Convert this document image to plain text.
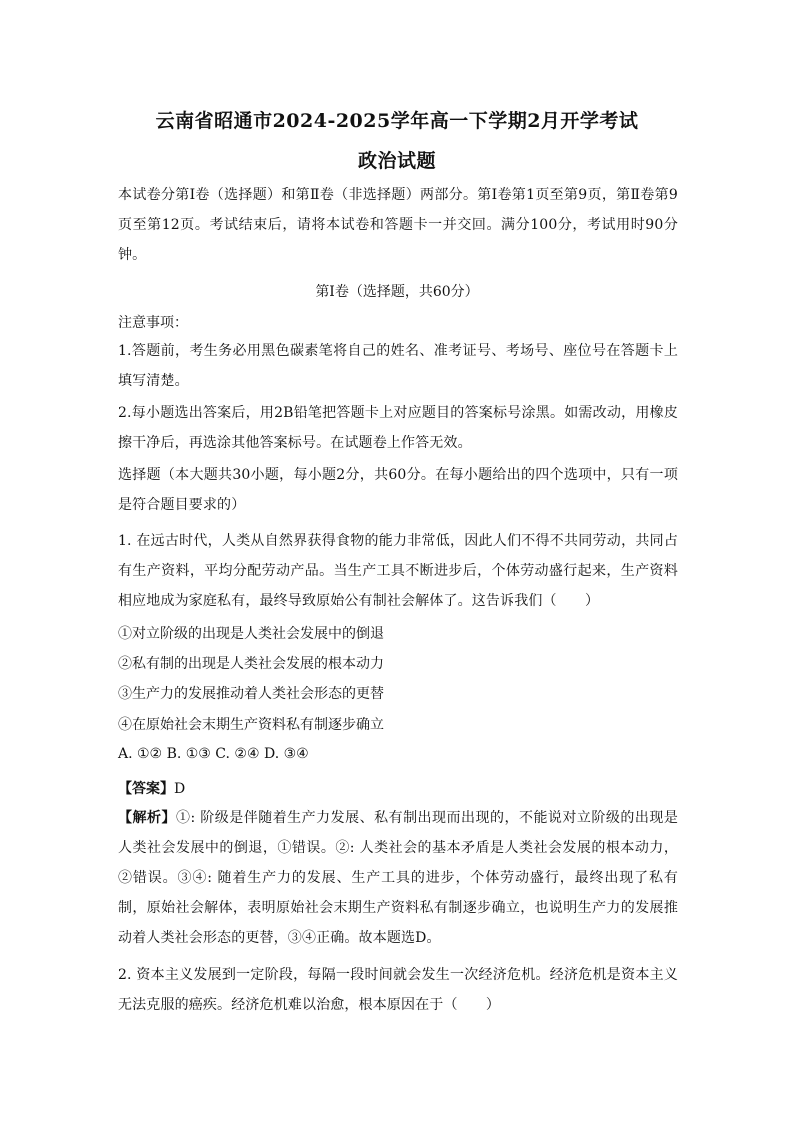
云南省昭通市2024-2025学年高一下学期2月开学考试
政治试题
本试卷分第Ⅰ卷（选择题）和第Ⅱ卷（非选择题）两部分。第Ⅰ卷第1页至第9页，第Ⅱ卷第9页至第12页。考试结束后，请将本试卷和答题卡一并交回。满分100分，考试用时90分钟。
第Ⅰ卷（选择题，共60分）
注意事项：
1.答题前，考生务必用黑色碳素笔将自己的姓名、准考证号、考场号、座位号在答题卡上填写清楚。
2.每小题选出答案后，用2B铅笔把答题卡上对应题目的答案标号涂黑。如需改动，用橡皮擦干净后，再选涂其他答案标号。在试题卷上作答无效。
选择题（本大题共30小题，每小题2分，共60分。在每小题给出的四个选项中，只有一项是符合题目要求的）
1. 在远古时代，人类从自然界获得食物的能力非常低，因此人们不得不共同劳动，共同占有生产资料，平均分配劳动产品。当生产工具不断进步后，个体劳动盛行起来，生产资料相应地成为家庭私有，最终导致原始公有制社会解体了。这告诉我们（　　）
①对立阶级的出现是人类社会发展中的倒退
②私有制的出现是人类社会发展的根本动力
③生产力的发展推动着人类社会形态的更替
④在原始社会末期生产资料私有制逐步确立
A. ①② B. ①③ C. ②④ D. ③④
【答案】D
【解析】①: 阶级是伴随着生产力发展、私有制出现而出现的，不能说对立阶级的出现是人类社会发展中的倒退，①错误。②: 人类社会的基本矛盾是人类社会发展的根本动力，②错误。③④: 随着生产力的发展、生产工具的进步，个体劳动盛行，最终出现了私有制，原始社会解体，表明原始社会末期生产资料私有制逐步确立，也说明生产力的发展推动着人类社会形态的更替，③④正确。故本题选D。
2. 资本主义发展到一定阶段，每隔一段时间就会发生一次经济危机。经济危机是资本主义无法克服的癌疾。经济危机难以治愈，根本原因在于（　　）
